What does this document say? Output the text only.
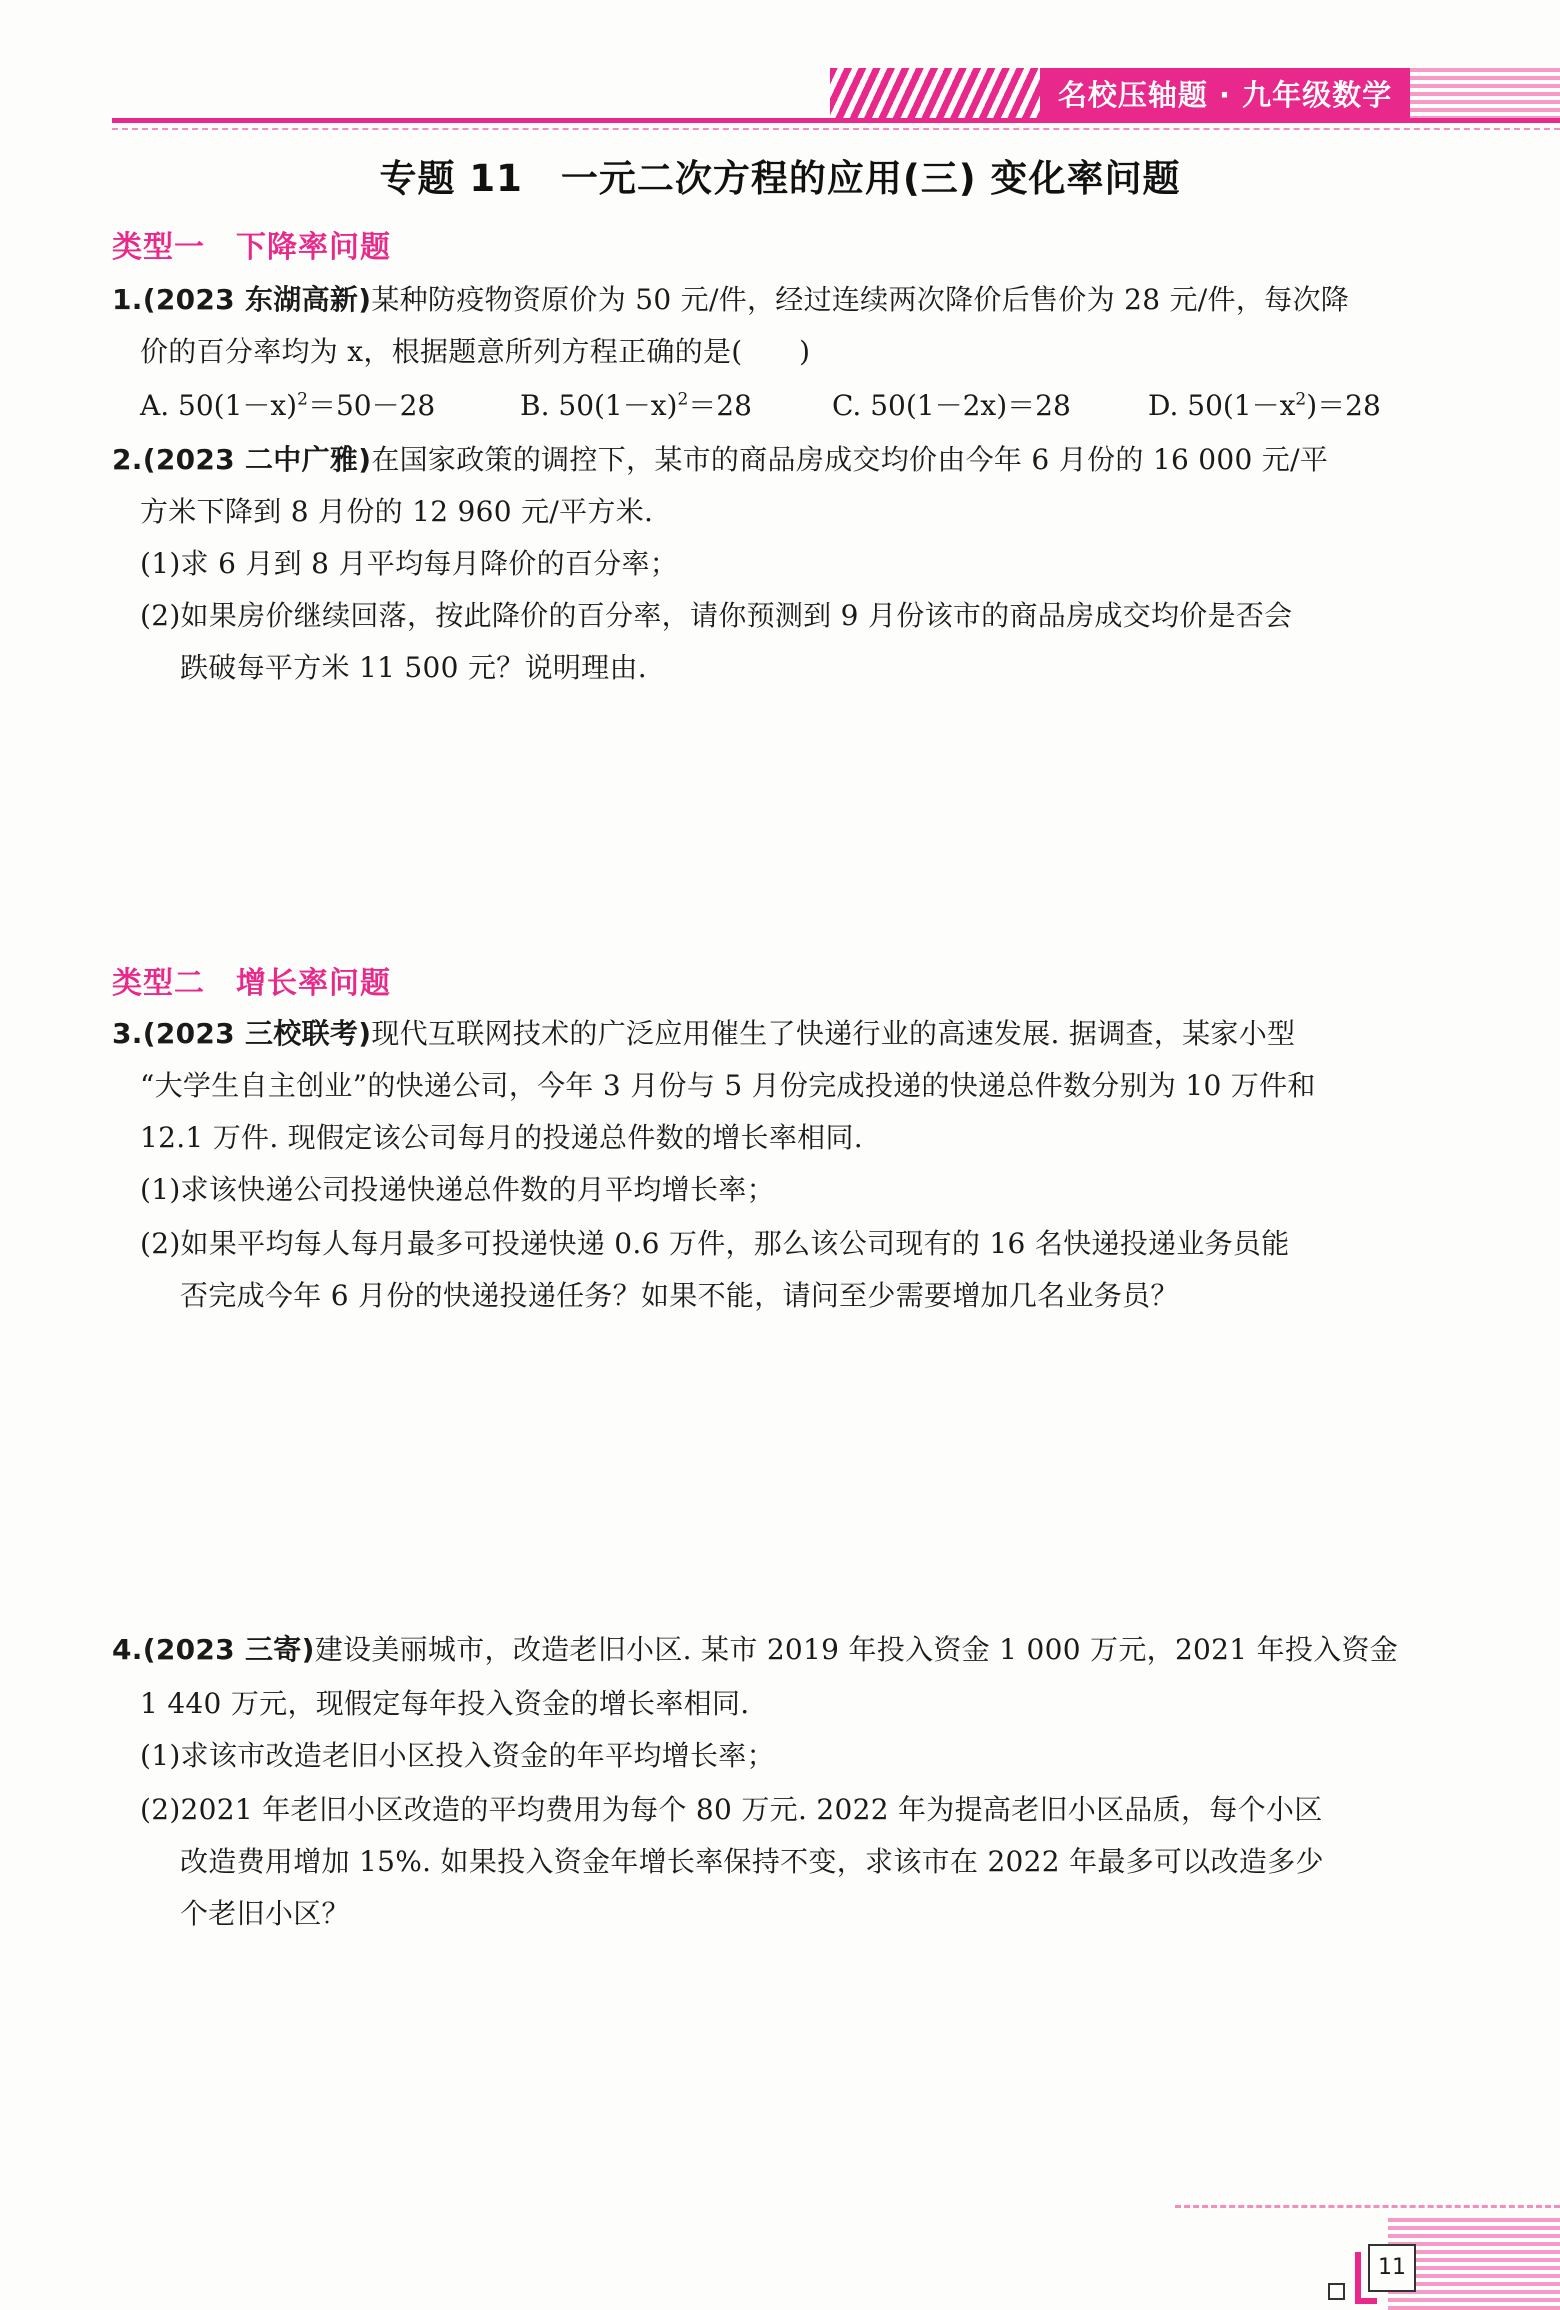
名校压轴题 · 九年级数学
专题 11　一元二次方程的应用(三) 变化率问题
类型一　下降率问题
1.(2023 东湖高新)某种防疫物资原价为 50 元/件，经过连续两次降价后售价为 28 元/件，每次降
价的百分率均为 x，根据题意所列方程正确的是(　　)
A. $50(1-x)^2=50-28$	B. $50(1-x)^2=28$	C. 50(1－2x)＝28	D. $50(1-x^2)=28$
2.(2023 二中广雅)在国家政策的调控下，某市的商品房成交均价由今年 6 月份的 16 000 元/平
方米下降到 8 月份的 12 960 元/平方米.
(1)求 6 月到 8 月平均每月降价的百分率；
(2)如果房价继续回落，按此降价的百分率，请你预测到 9 月份该市的商品房成交均价是否会
跌破每平方米 11 500 元？说明理由.
类型二　增长率问题
3.(2023 三校联考)现代互联网技术的广泛应用催生了快递行业的高速发展. 据调查，某家小型
“大学生自主创业”的快递公司，今年 3 月份与 5 月份完成投递的快递总件数分别为 10 万件和
12.1 万件. 现假定该公司每月的投递总件数的增长率相同.
(1)求该快递公司投递快递总件数的月平均增长率；
(2)如果平均每人每月最多可投递快递 0.6 万件，那么该公司现有的 16 名快递投递业务员能
否完成今年 6 月份的快递投递任务？如果不能，请问至少需要增加几名业务员？
4.(2023 三寄)建设美丽城市，改造老旧小区. 某市 2019 年投入资金 1 000 万元，2021 年投入资金
1 440 万元，现假定每年投入资金的增长率相同.
(1)求该市改造老旧小区投入资金的年平均增长率；
(2)2021 年老旧小区改造的平均费用为每个 80 万元. 2022 年为提高老旧小区品质，每个小区
改造费用增加 15%. 如果投入资金年增长率保持不变，求该市在 2022 年最多可以改造多少
个老旧小区？
11
